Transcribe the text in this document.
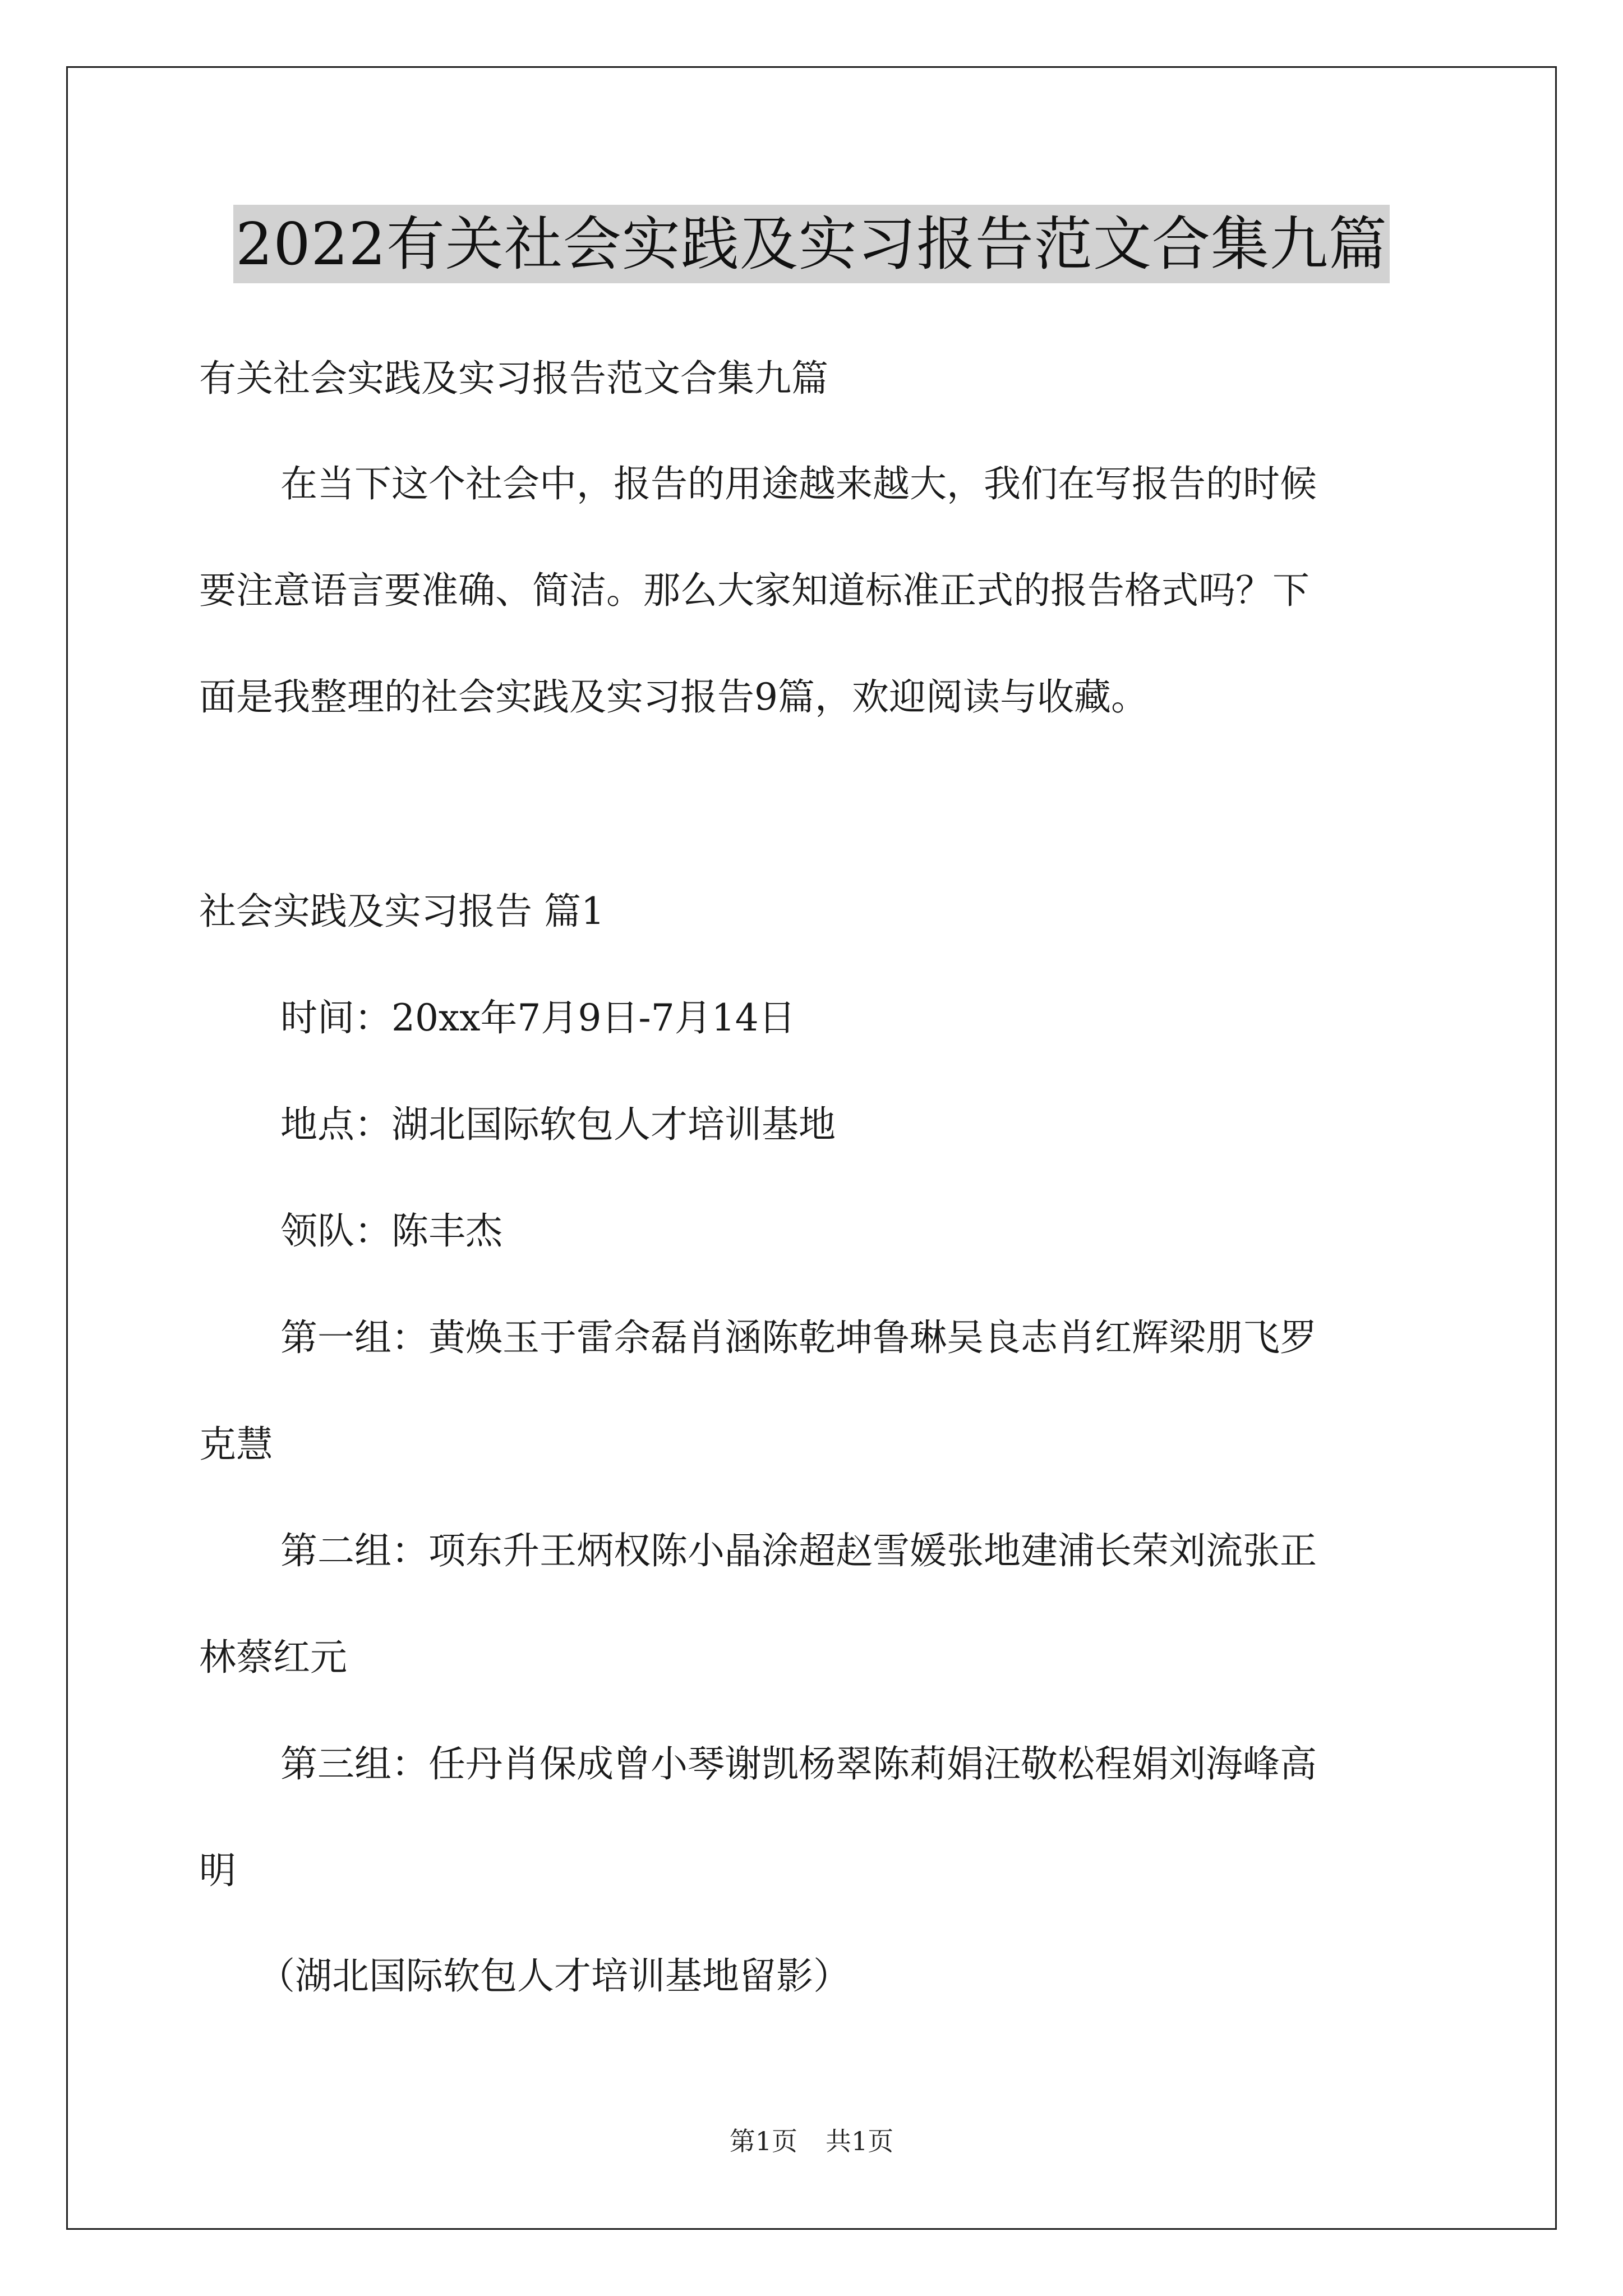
2022有关社会实践及实习报告范文合集九篇
有关社会实践及实习报告范文合集九篇
在当下这个社会中，报告的用途越来越大，我们在写报告的时候
要注意语言要准确、简洁。那么大家知道标准正式的报告格式吗？下
面是我整理的社会实践及实习报告9篇，欢迎阅读与收藏。
社会实践及实习报告 篇1
时间：20xx年7月9日-7月14日
地点：湖北国际软包人才培训基地
领队：陈丰杰
第一组：黄焕玉于雷佘磊肖涵陈乾坤鲁琳吴良志肖红辉梁朋飞罗
克慧
第二组：项东升王炳权陈小晶涂超赵雪媛张地建浦长荣刘流张正
林蔡红元
第三组：任丹肖保成曾小琴谢凯杨翠陈莉娟汪敬松程娟刘海峰高
明
（湖北国际软包人才培训基地留影）
第1页 共1页
